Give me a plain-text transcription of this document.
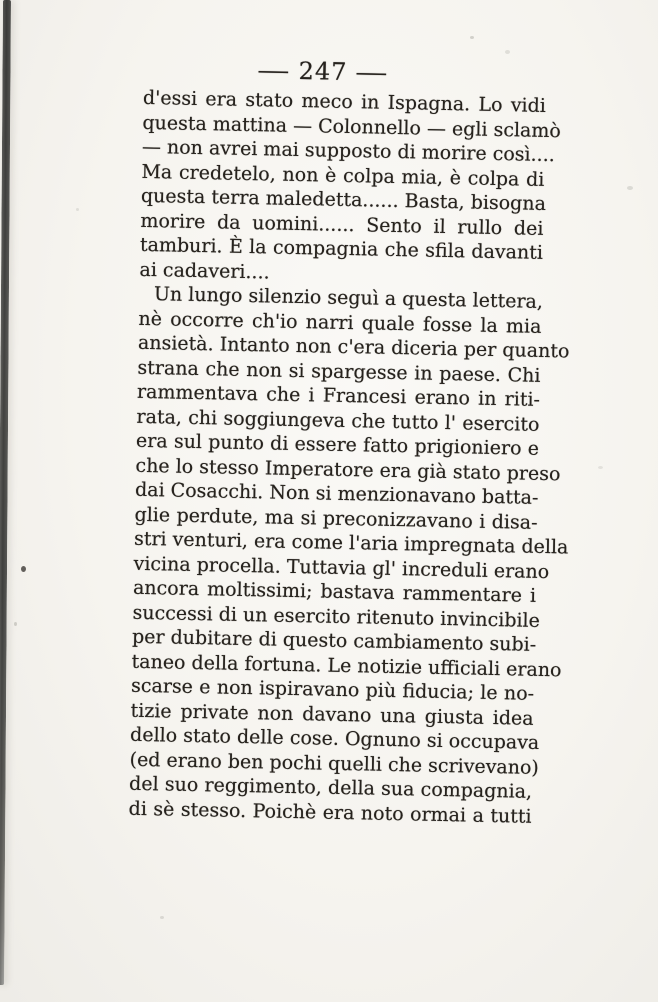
— 247 —
d'essi era stato meco in Ispagna. Lo vidi
questa mattina — Colonnello — egli sclamò
— non avrei mai supposto di morire così....
Ma credetelo, non è colpa mia, è colpa di
questa terra maledetta...... Basta, bisogna
morire da uomini...... Sento il rullo dei
tamburi. È la compagnia che sfila davanti
ai cadaveri....
Un lungo silenzio seguì a questa lettera,
nè occorre ch'io narri quale fosse la mia
ansietà. Intanto non c'era diceria per quanto
strana che non si spargesse in paese. Chi
rammentava che i Francesi erano in riti-
rata, chi soggiungeva che tutto l' esercito
era sul punto di essere fatto prigioniero e
che lo stesso Imperatore era già stato preso
dai Cosacchi. Non si menzionavano batta-
glie perdute, ma si preconizzavano i disa-
stri venturi, era come l'aria impregnata della
vicina procella. Tuttavia gl' increduli erano
ancora moltissimi; bastava rammentare i
successi di un esercito ritenuto invincibile
per dubitare di questo cambiamento subi-
taneo della fortuna. Le notizie ufficiali erano
scarse e non ispiravano più fiducia; le no-
tizie private non davano una giusta idea
dello stato delle cose. Ognuno si occupava
(ed erano ben pochi quelli che scrivevano)
del suo reggimento, della sua compagnia,
di sè stesso. Poichè era noto ormai a tutti
